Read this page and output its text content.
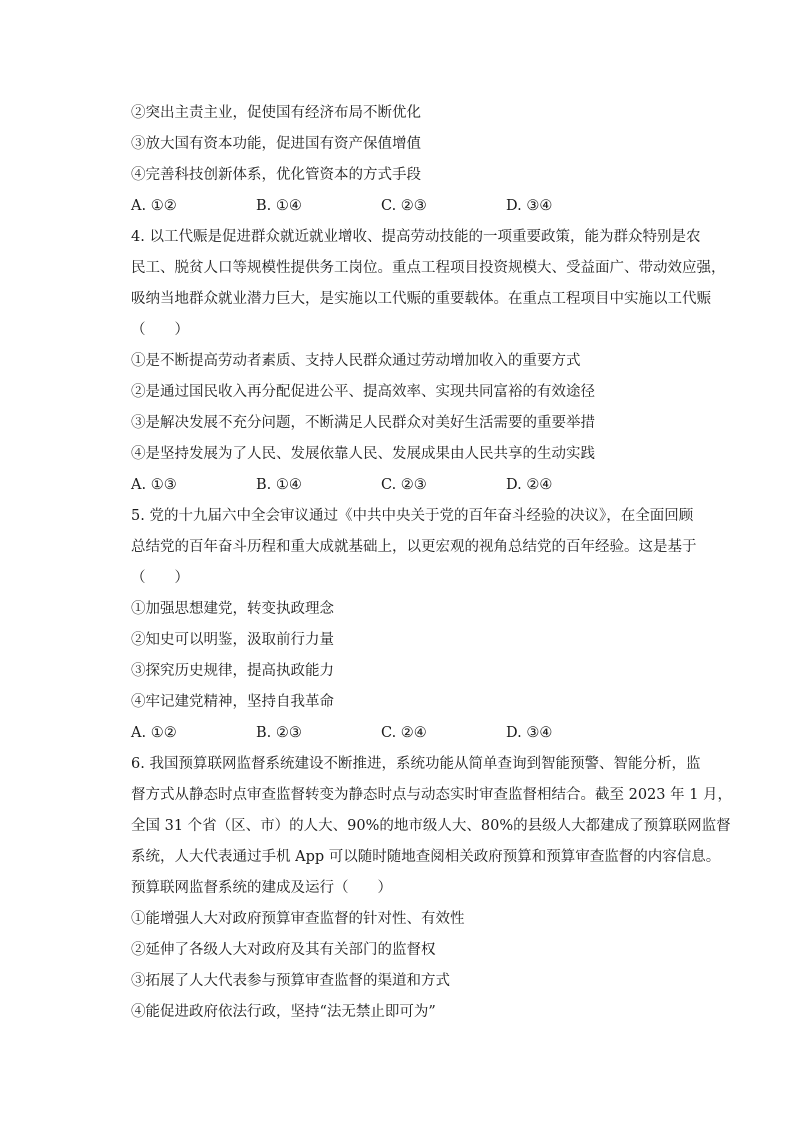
②突出主责主业，促使国有经济布局不断优化
③放大国有资本功能，促进国有资产保值增值
④完善科技创新体系，优化管资本的方式手段
A. ①②	B. ①④	C. ②③	D. ③④
4. 以工代赈是促进群众就近就业增收、提高劳动技能的一项重要政策，能为群众特别是农
民工、脱贫人口等规模性提供务工岗位。重点工程项目投资规模大、受益面广、带动效应强，
吸纳当地群众就业潜力巨大，是实施以工代赈的重要载体。在重点工程项目中实施以工代赈
（　　）
①是不断提高劳动者素质、支持人民群众通过劳动增加收入的重要方式
②是通过国民收入再分配促进公平、提高效率、实现共同富裕的有效途径
③是解决发展不充分问题，不断满足人民群众对美好生活需要的重要举措
④是坚持发展为了人民、发展依靠人民、发展成果由人民共享的生动实践
A. ①③	B. ①④	C. ②③	D. ②④
5. 党的十九届六中全会审议通过《中共中央关于党的百年奋斗经验的决议》，在全面回顾
总结党的百年奋斗历程和重大成就基础上，以更宏观的视角总结党的百年经验。这是基于
（　　）
①加强思想建党，转变执政理念
②知史可以明鉴，汲取前行力量
③探究历史规律，提高执政能力
④牢记建党精神，坚持自我革命
A. ①②	B. ②③	C. ②④	D. ③④
6. 我国预算联网监督系统建设不断推进，系统功能从简单查询到智能预警、智能分析，监
督方式从静态时点审查监督转变为静态时点与动态实时审查监督相结合。截至 2023 年 1 月，
全国 31 个省（区、市）的人大、90%的地市级人大、80%的县级人大都建成了预算联网监督
系统，人大代表通过手机 App 可以随时随地查阅相关政府预算和预算审查监督的内容信息。
预算联网监督系统的建成及运行（　　）
①能增强人大对政府预算审查监督的针对性、有效性
②延伸了各级人大对政府及其有关部门的监督权
③拓展了人大代表参与预算审查监督的渠道和方式
④能促进政府依法行政，坚持“法无禁止即可为”
